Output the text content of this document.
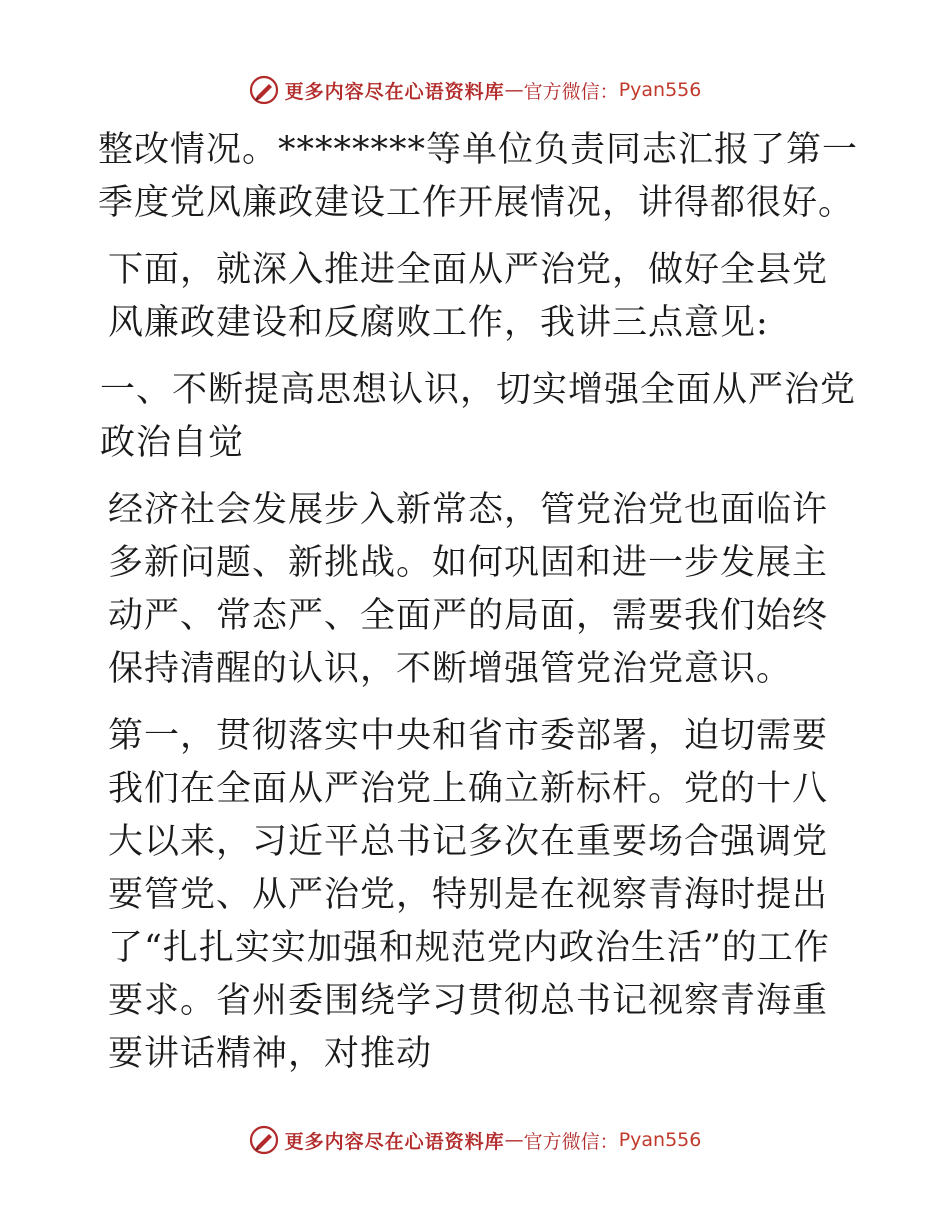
更多内容尽在心语资料库 — 官方微信： Pyan556

整改情况。********等单位负责同志汇报了第一季度党风廉政建设工作开展情况，讲得都很好。

下面，就深入推进全面从严治党，做好全县党风廉政建设和反腐败工作，我讲三点意见:

一、不断提高思想认识，切实增强全面从严治党政治自觉

经济社会发展步入新常态，管党治党也面临许多新问题、新挑战。如何巩固和进一步发展主动严、常态严、全面严的局面，需要我们始终保持清醒的认识，不断增强管党治党意识。

第一，贯彻落实中央和省市委部署，迫切需要我们在全面从严治党上确立新标杆。党的十八大以来，习近平总书记多次在重要场合强调党要管党、从严治党，特别是在视察青海时提出了“扎扎实实加强和规范党内政治生活”的工作要求。省州委围绕学习贯彻总书记视察青海重要讲话精神，对推动

更多内容尽在心语资料库 — 官方微信： Pyan556
